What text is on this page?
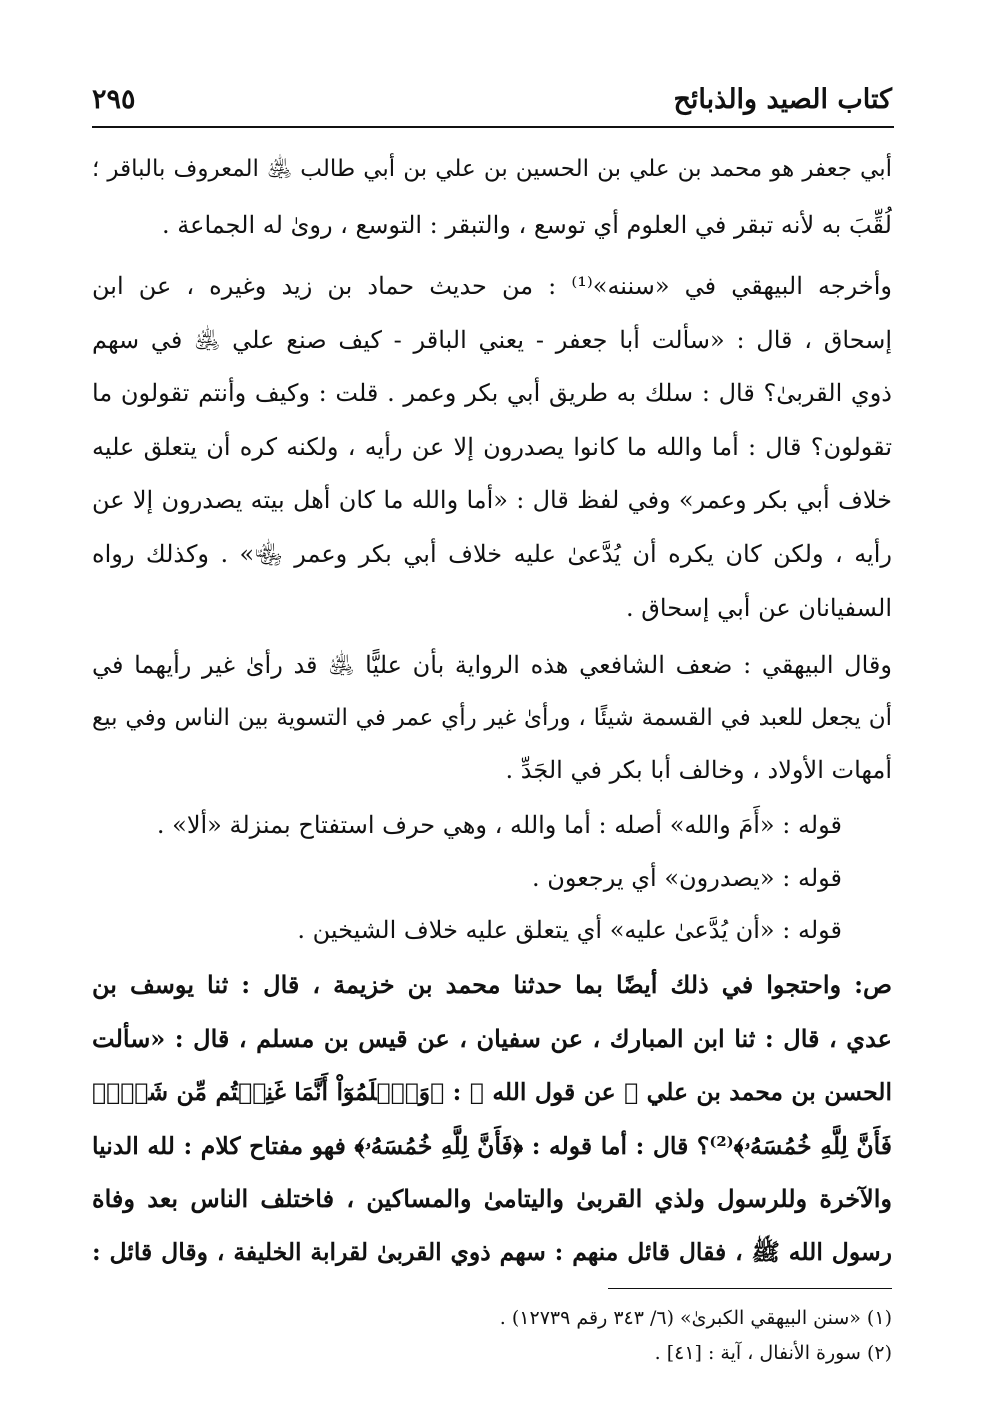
كتاب الصيد والذبائح
٢٩٥
أبي جعفر هو محمد بن علي بن الحسين بن علي بن أبي طالب ﵁ المعروف بالباقر ؛
لُقِّبَ به لأنه تبقر في العلوم أي توسع ، والتبقر : التوسع ، روىٰ له الجماعة .
وأخرجه البيهقي في «سننه»⁽¹⁾ : من حديث حماد بن زيد وغيره ، عن ابن
إسحاق ، قال : «سألت أبا جعفر - يعني الباقر - كيف صنع علي ﵁ في سهم
ذوي القربىٰ؟ قال : سلك به طريق أبي بكر وعمر . قلت : وكيف وأنتم تقولون ما
تقولون؟ قال : أما والله ما كانوا يصدرون إلا عن رأيه ، ولكنه كره أن يتعلق عليه
خلاف أبي بكر وعمر» وفي لفظ قال : «أما والله ما كان أهل بيته يصدرون إلا عن
رأيه ، ولكن كان يكره أن يُدَّعىٰ عليه خلاف أبي بكر وعمر ﵄» . وكذلك رواه
السفيانان عن أبي إسحاق .
وقال البيهقي : ضعف الشافعي هذه الرواية بأن عليًّا ﵁ قد رأىٰ غير رأيهما في
أن يجعل للعبد في القسمة شيئًا ، ورأىٰ غير رأي عمر في التسوية بين الناس وفي بيع
أمهات الأولاد ، وخالف أبا بكر في الجَدِّ .
قوله : «أَمَ والله» أصله : أما والله ، وهي حرف استفتاح بمنزلة «ألا» .
قوله : «يصدرون» أي يرجعون .
قوله : «أن يُدَّعىٰ عليه» أي يتعلق عليه خلاف الشيخين .
ص: واحتجوا في ذلك أيضًا بما حدثنا محمد بن خزيمة ، قال : ثنا يوسف بن
عدي ، قال : ثنا ابن المبارك ، عن سفيان ، عن قيس بن مسلم ، قال : «سألت
الحسن بن محمد بن علي ﵁ عن قول الله ﷿ : ﴿وَٱعۡلَمُوٓاْ أَنَّمَا غَنِمۡتُم مِّن شَيۡءٖ
فَأَنَّ لِلَّهِ خُمُسَهُۥ﴾⁽²⁾؟ قال : أما قوله : ﴿فَأَنَّ لِلَّهِ خُمُسَهُۥ﴾ فهو مفتاح كلام : لله الدنيا
والآخرة وللرسول ولذي القربىٰ واليتامىٰ والمساكين ، فاختلف الناس بعد وفاة
رسول الله ﷺ ، فقال قائل منهم : سهم ذوي القربىٰ لقرابة الخليفة ، وقال قائل :
(١) «سنن البيهقي الكبرىٰ» (٦/ ٣٤٣ رقم ١٢٧٣٩) .
(٢) سورة الأنفال ، آية : [٤١] .
